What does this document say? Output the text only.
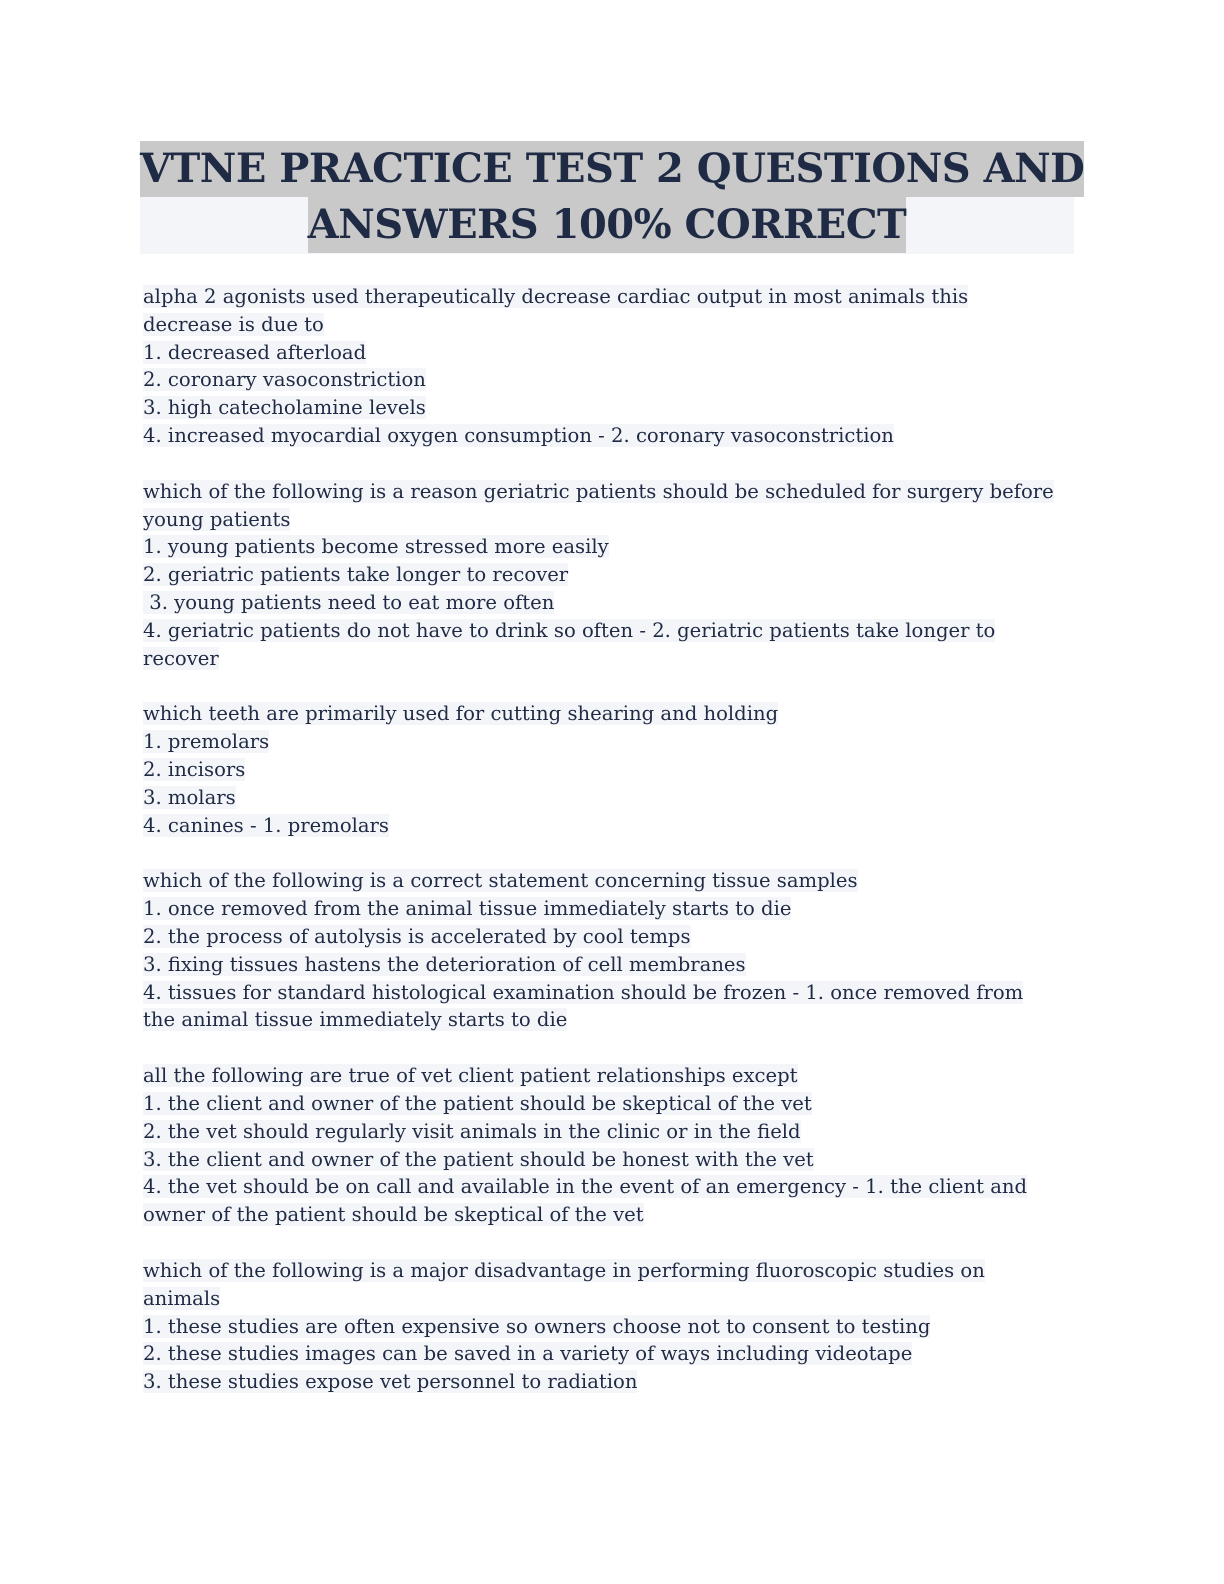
VTNE PRACTICE TEST 2 QUESTIONS AND
ANSWERS 100% CORRECT
alpha 2 agonists used therapeutically decrease cardiac output in most animals this
decrease is due to
1. decreased afterload
2. coronary vasoconstriction
3. high catecholamine levels
4. increased myocardial oxygen consumption - 2. coronary vasoconstriction
which of the following is a reason geriatric patients should be scheduled for surgery before
young patients
1. young patients become stressed more easily
2. geriatric patients take longer to recover
3. young patients need to eat more often
4. geriatric patients do not have to drink so often - 2. geriatric patients take longer to
recover
which teeth are primarily used for cutting shearing and holding
1. premolars
2. incisors
3. molars
4. canines - 1. premolars
which of the following is a correct statement concerning tissue samples
1. once removed from the animal tissue immediately starts to die
2. the process of autolysis is accelerated by cool temps
3. fixing tissues hastens the deterioration of cell membranes
4. tissues for standard histological examination should be frozen - 1. once removed from
the animal tissue immediately starts to die
all the following are true of vet client patient relationships except
1. the client and owner of the patient should be skeptical of the vet
2. the vet should regularly visit animals in the clinic or in the field
3. the client and owner of the patient should be honest with the vet
4. the vet should be on call and available in the event of an emergency - 1. the client and
owner of the patient should be skeptical of the vet
which of the following is a major disadvantage in performing fluoroscopic studies on
animals
1. these studies are often expensive so owners choose not to consent to testing
2. these studies images can be saved in a variety of ways including videotape
3. these studies expose vet personnel to radiation
